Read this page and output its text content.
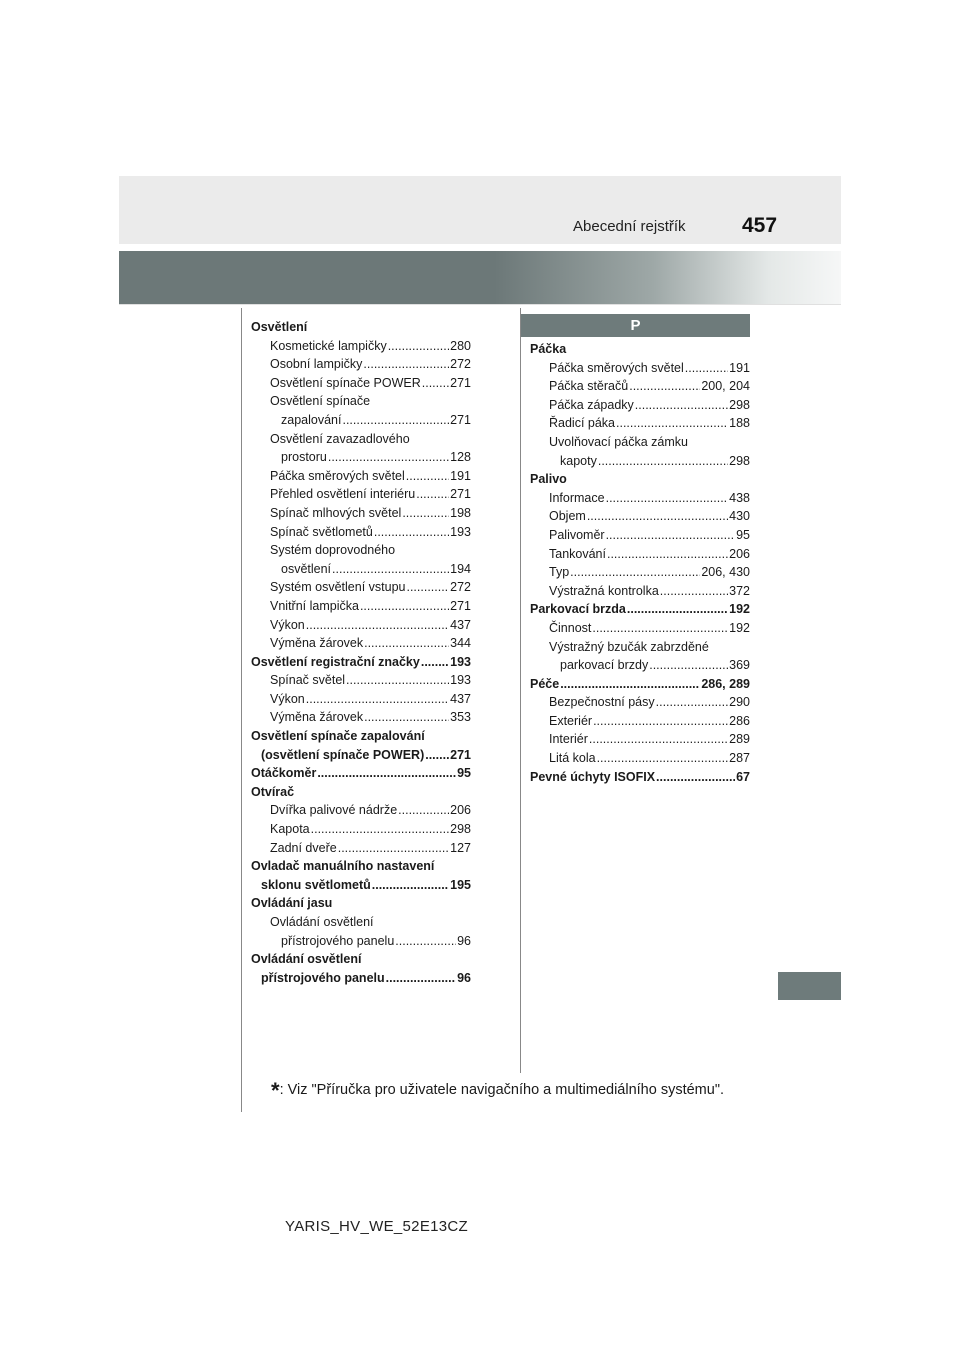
Abecední rejstřík	457
P
Osvětlení
Kosmetické lampičky .....	280
Osobní lampičky .....	272
Osvětlení spínače POWER ..... 271
Osvětlení spínače
zapalování .....	271
Osvětlení zavazadlového
prostoru .....	128
Páčka směrových světel .....	191
Přehled osvětlení interiéru .....	271
Spínač mlhových světel .....	198
Spínač světlometů .....	193
Systém doprovodného
osvětlení .....	194
Systém osvětlení vstupu .....	272
Vnitřní lampička .....	271
Výkon .....	437
Výměna žárovek .....	344
Osvětlení registrační značky ..... 193
Spínač světel .....	193
Výkon .....	437
Výměna žárovek .....	353
Osvětlení spínače zapalování
(osvětlení spínače POWER) ..... 271
Otáčkoměr .....	95
Otvírač
Dvířka palivové nádrže .....	206
Kapota .....	298
Zadní dveře .....	127
Ovladač manuálního nastavení
sklonu světlometů .....	195
Ovládání jasu
Ovládání osvětlení
přístrojového panelu .....	96
Ovládání osvětlení
přístrojového panelu .....	96
Páčka
Páčka směrových světel .....	191
Páčka stěračů .....	200, 204
Páčka západky .....	298
Řadicí páka .....	188
Uvolňovací páčka zámku
kapoty .....	298
Palivo
Informace .....	438
Objem .....	430
Palivoměr .....	95
Tankování .....	206
Typ .....	206, 430
Výstražná kontrolka .....	372
Parkovací brzda .....	192
Činnost .....	192
Výstražný bzučák zabrzděné
parkovací brzdy .....	369
Péče .....	286, 289
Bezpečnostní pásy .....	290
Exteriér .....	286
Interiér .....	289
Litá kola .....	287
Pevné úchyty ISOFIX .....	67
*: Viz "Příručka pro uživatele navigačního a multimediálního systému".
YARIS_HV_WE_52E13CZ
